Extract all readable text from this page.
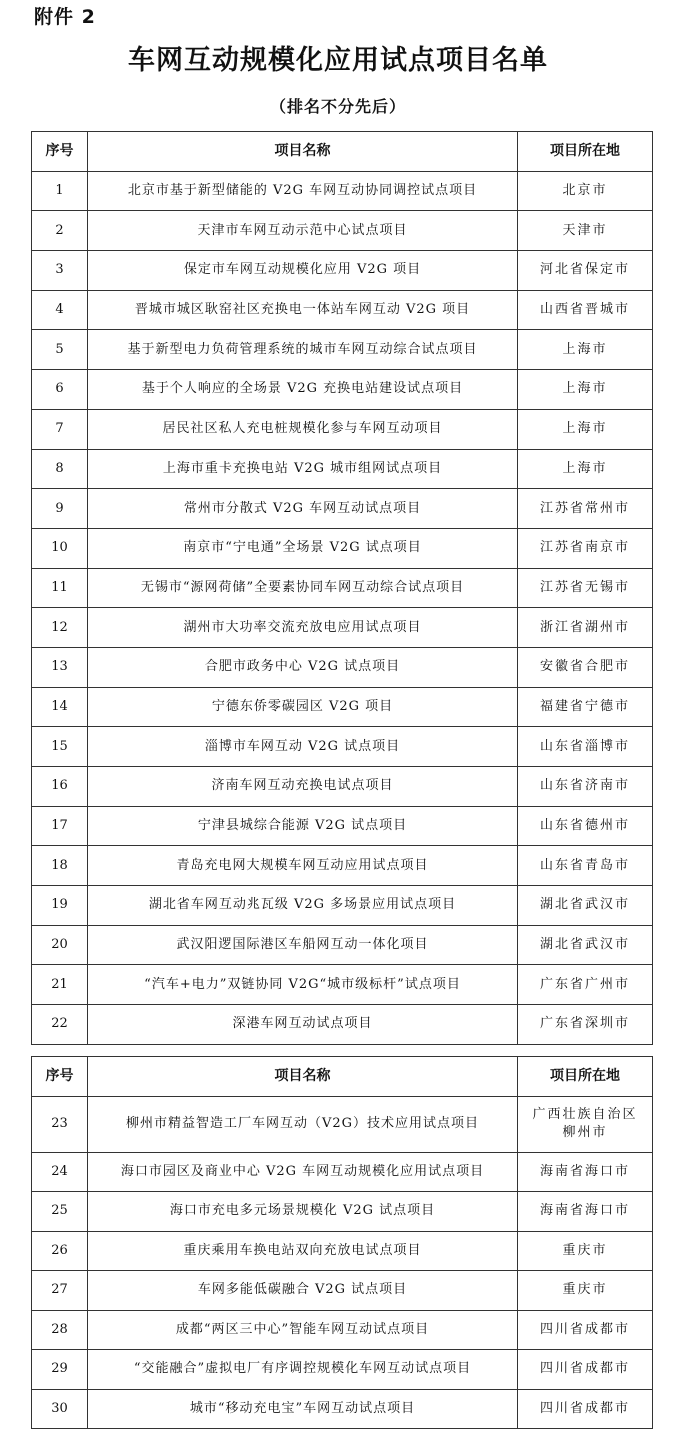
附件 2
车网互动规模化应用试点项目名单
（排名不分先后）
序号	项目名称	项目所在地
1	北京市基于新型储能的 V2G 车网互动协同调控试点项目	北京市
2	天津市车网互动示范中心试点项目	天津市
3	保定市车网互动规模化应用 V2G 项目	河北省保定市
4	晋城市城区耿窑社区充换电一体站车网互动 V2G 项目	山西省晋城市
5	基于新型电力负荷管理系统的城市车网互动综合试点项目	上海市
6	基于个人响应的全场景 V2G 充换电站建设试点项目	上海市
7	居民社区私人充电桩规模化参与车网互动项目	上海市
8	上海市重卡充换电站 V2G 城市组网试点项目	上海市
9	常州市分散式 V2G 车网互动试点项目	江苏省常州市
10	南京市“宁电通”全场景 V2G 试点项目	江苏省南京市
11	无锡市“源网荷储”全要素协同车网互动综合试点项目	江苏省无锡市
12	湖州市大功率交流充放电应用试点项目	浙江省湖州市
13	合肥市政务中心 V2G 试点项目	安徽省合肥市
14	宁德东侨零碳园区 V2G 项目	福建省宁德市
15	淄博市车网互动 V2G 试点项目	山东省淄博市
16	济南车网互动充换电试点项目	山东省济南市
17	宁津县城综合能源 V2G 试点项目	山东省德州市
18	青岛充电网大规模车网互动应用试点项目	山东省青岛市
19	湖北省车网互动兆瓦级 V2G 多场景应用试点项目	湖北省武汉市
20	武汉阳逻国际港区车船网互动一体化项目	湖北省武汉市
21	“汽车+电力”双链协同 V2G“城市级标杆”试点项目	广东省广州市
22	深港车网互动试点项目	广东省深圳市
序号	项目名称	项目所在地
23	柳州市精益智造工厂车网互动（V2G）技术应用试点项目	广西壮族自治区
柳州市

24	海口市园区及商业中心 V2G 车网互动规模化应用试点项目	海南省海口市
25	海口市充电多元场景规模化 V2G 试点项目	海南省海口市
26	重庆乘用车换电站双向充放电试点项目	重庆市
27	车网多能低碳融合 V2G 试点项目	重庆市
28	成都“两区三中心”智能车网互动试点项目	四川省成都市
29	“交能融合”虚拟电厂有序调控规模化车网互动试点项目	四川省成都市
30	城市“移动充电宝”车网互动试点项目	四川省成都市
